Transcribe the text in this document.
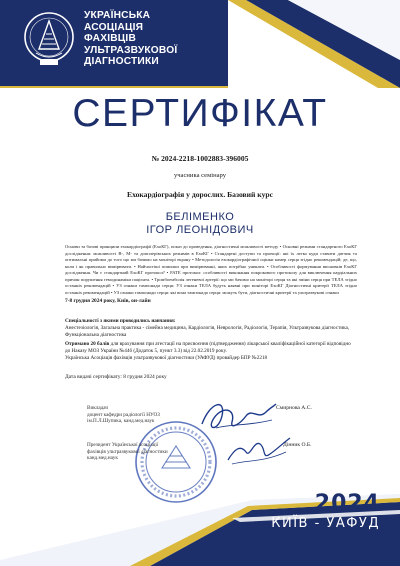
УКРАЇНСЬКА
АСОЦІАЦІЯ
ФАХІВЦІВ
УЛЬТРАЗВУКОВОЇ
ДІАГНОСТИКИ
СЕРТИФІКАТ
№ 2024-2218-1002883-396005
учасника семінару
Ехокардіографія у дорослих. Базовий курс
БЕЛІМЕНКО
ІГОР ЛЕОНІДОВИЧ
Основи та базові принципи ехокардіографії (ЕхоКГ), показ до проведення, діагностичні можливості методу • Основні режими стандартного ЕхоКГ дослідження: можливості В-, М- та допплерівських режимів в ЕхоКГ • Стандартні доступи та проекції: які їх легко куди ставити датчик та оптимальні прийоми до того що ми бачимо на моніторі екрану • Методологія ехокардіографічної оцінки камер серця згідно рекомендацій; де, що, коли і як правильно вимірювати. • Найчастіші помилки при вимірюванні, яких потрібно уникати. • Особливості формування висновків ЕхоКГ дослідження. Чи є стандартний ЕхоКГ протокол? • FATE протокол: особливості виконання покрокового протоколу для виключення кардіальних причин порушення гемодинаміки пацієнта. • Тромбоемболія легеневої артерії: що ми бачимо на моніторі серця та які зміни серця при ТЕЛА згідно останніх рекомендацій • УЗ ознаки тампонади серця: УЗ ознаки ТЕЛА будуть наявні при моніторі ЕхоКГ Діагностичні критерії ТЕЛА згідно останніх рекомендацій • УЗ ознаки тампонади серця: які вона тампонада серця: можуть бути, діагностичні критерії та ультразвукові ознаки
7-8 грудня 2024 року, Київ, он-лайн
Спеціальності з якими проводились навчання:
Анестезіологія, Загальна практика - сімейна медицина, Кардіологія, Неврологія, Радіологія, Терапія, Ультразвукова діагностика,
Функціональна діагностика
Отримано 20 балів для врахування при атестації на присвоєння (підтвердження) лікарської кваліфікаційної категорії відповідно
до Наказу МОЗ України №446 (Додаток 5, пункт 3.3) від 22.02.2019 року.
Українська Асоціація фахівців ультразвукової діагностики (УАФУД) провайдер БПР №2218
Дата видачі сертифікату: 8 грудня 2024 року
Викладач
доцент кафедри радіології НУОЗ
ім.П.Л.Шупика, канд.мед.наук
Смирнова А.С.
Президент Української асоціації
фахівців ультразвукової діагностики
канд.мед.наук
Дінник О.Б.
2024
КИЇВ - УАФУД
